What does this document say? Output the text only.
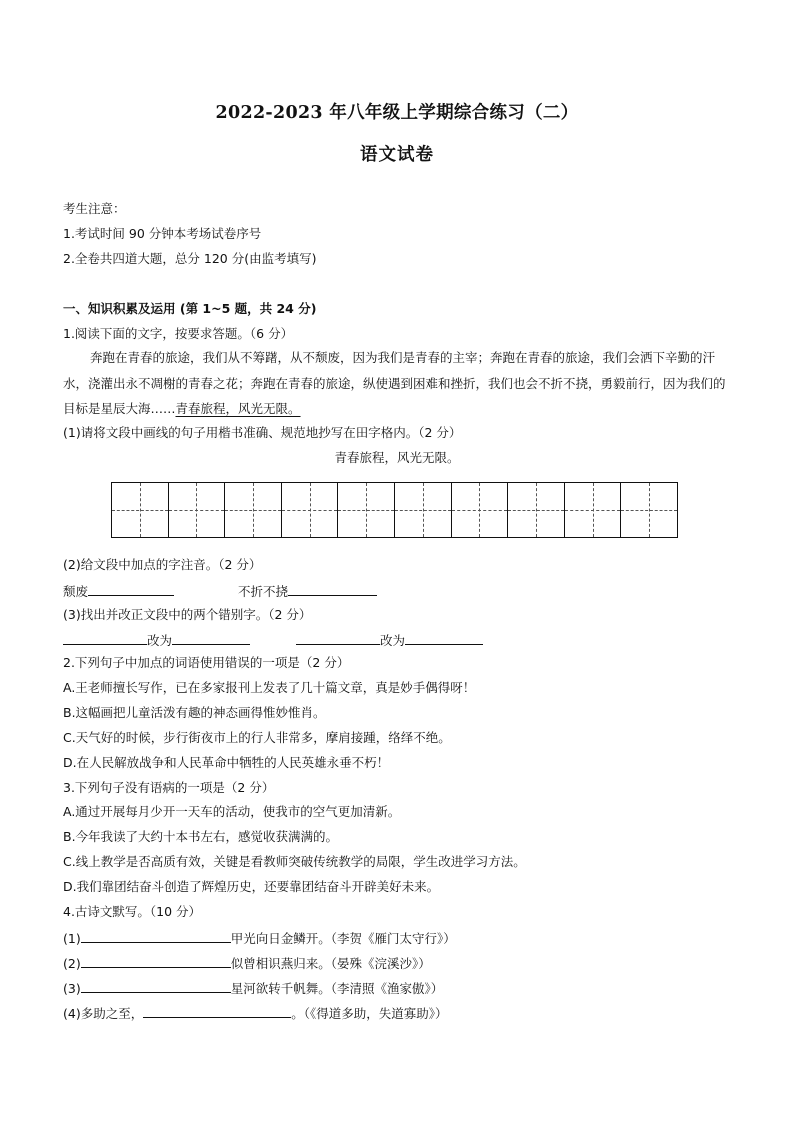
2022-2023 年八年级上学期综合练习（二）
语文试卷
考生注意：
1.考试时间 90 分钟本考场试卷序号
2.全卷共四道大题，总分 120 分(由监考填写)
一、知识积累及运用 (第 1~5 题，共 24 分)
1.阅读下面的文字，按要求答题。（6 分）
奔跑在青春的旅途，我们从不筹躇，从不颓废，因为我们是青春的主宰；奔跑在青春的旅途，我们会洒下辛勤的汗水，浇灌出永不凋榭的青春之花；奔跑在青春的旅途，纵使遇到困难和挫折，我们也会不折不挠，勇毅前行，因为我们的目标是星辰大海……青春旅程，风光无限。
(1)请将文段中画线的句子用楷书准确、规范地抄写在田字格内。（2 分）
青春旅程，风光无限。
(2)给文段中加点的字注音。（2 分）
颓废	不折不挠
(3)找出并改正文段中的两个错别字。（2 分）
改为	改为
2.下列句子中加点的词语使用错误的一项是（2 分）
A.王老师擅长写作，已在多家报刊上发表了几十篇文章，真是妙手偶得呀！
B.这幅画把儿童活泼有趣的神态画得惟妙惟肖。
C.天气好的时候，步行街夜市上的行人非常多，摩肩接踵，络绎不绝。
D.在人民解放战争和人民革命中牺牲的人民英雄永垂不朽！
3.下列句子没有语病的一项是（2 分）
A.通过开展每月少开一天车的活动，使我市的空气更加清新。
B.今年我读了大约十本书左右，感觉收获满满的。
C.线上教学是否高质有效，关键是看教师突破传统教学的局限，学生改进学习方法。
D.我们靠团结奋斗创造了辉煌历史，还要靠团结奋斗开辟美好未来。
4.古诗文默写。（10 分）
(1)	甲光向日金鳞开。（李贺《雁门太守行》）
(2)	似曾相识燕归来。（晏殊《浣溪沙》）
(3)	星河欲转千帆舞。（李清照《渔家傲》）
(4)多助之至，	。（《得道多助，失道寡助》）
